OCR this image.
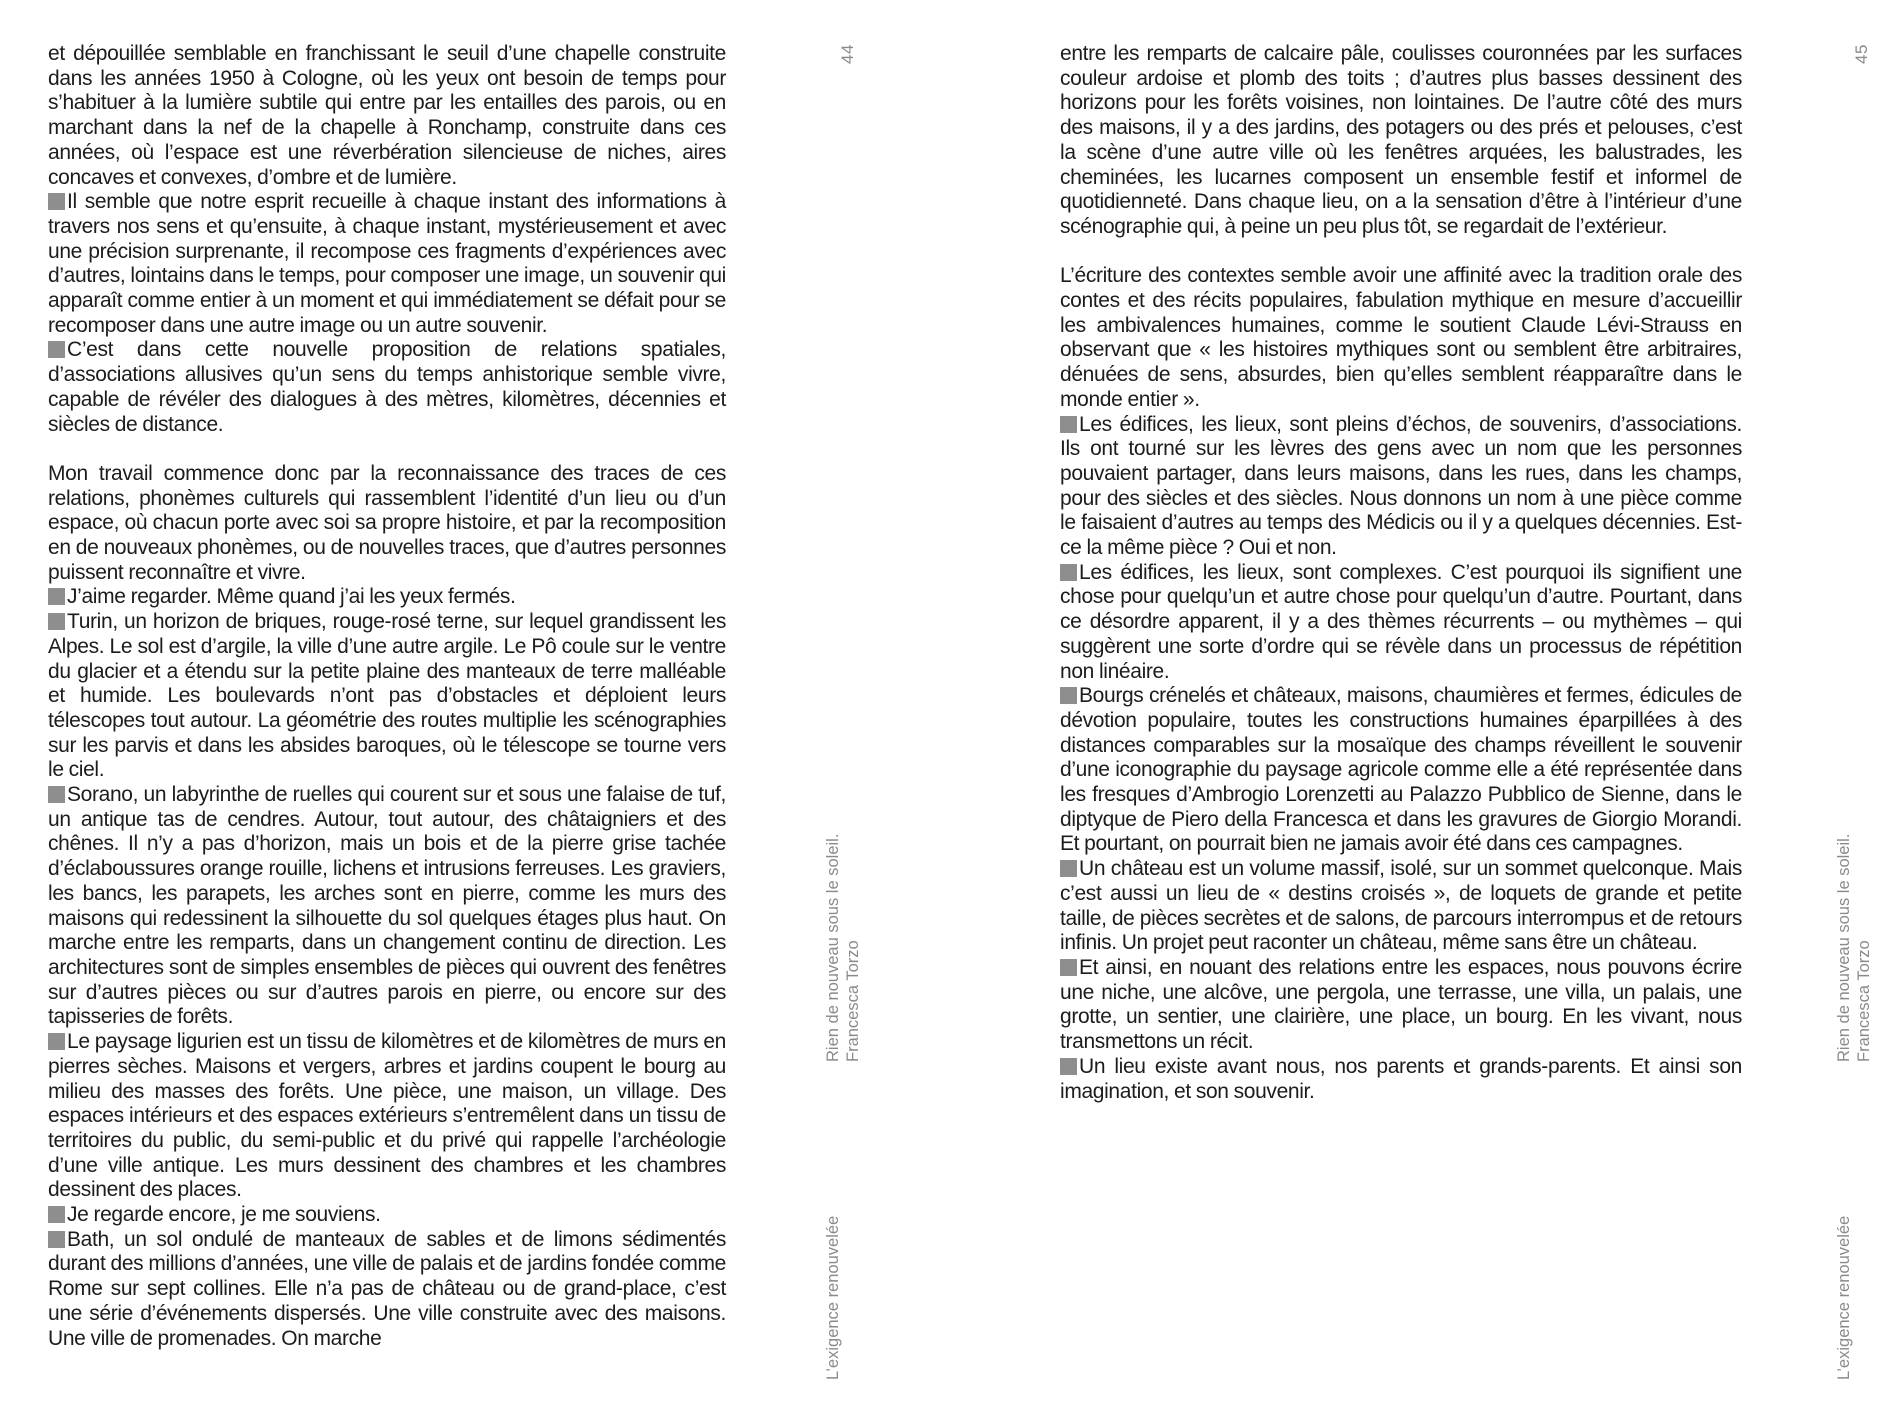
et dépouillée semblable en franchissant le seuil d’une chapelle construite dans les années 1950 à Cologne, où les yeux ont besoin de temps pour s’habituer à la lumière subtile qui entre par les entailles des parois, ou en marchant dans la nef de la chapelle à Ronchamp, construite dans ces années, où l’espace est une réverbération silencieuse de niches, aires concaves et convexes, d’ombre et de lumière.

Il semble que notre esprit recueille à chaque instant des informations à travers nos sens et qu’ensuite, à chaque instant, mystérieusement et avec une précision surprenante, il recompose ces fragments d’expériences avec d’autres, lointains dans le temps, pour composer une image, un souvenir qui apparaît comme entier à un moment et qui immédiatement se défait pour se recomposer dans une autre image ou un autre souvenir.

C’est dans cette nouvelle proposition de relations spatiales, d’associations allusives qu’un sens du temps anhistorique semble vivre, capable de révéler des dialogues à des mètres, kilomètres, décennies et siècles de distance.

Mon travail commence donc par la reconnaissance des traces de ces relations, phonèmes culturels qui rassemblent l’identité d’un lieu ou d’un espace, où chacun porte avec soi sa propre histoire, et par la recomposition en de nouveaux phonèmes, ou de nouvelles traces, que d’autres personnes puissent reconnaître et vivre.

J’aime regarder. Même quand j’ai les yeux fermés.

Turin, un horizon de briques, rouge-rosé terne, sur lequel grandissent les Alpes. Le sol est d’argile, la ville d’une autre argile. Le Pô coule sur le ventre du glacier et a étendu sur la petite plaine des manteaux de terre malléable et humide. Les boulevards n’ont pas d’obstacles et déploient leurs télescopes tout autour. La géométrie des routes multiplie les scénographies sur les parvis et dans les absides baroques, où le télescope se tourne vers le ciel.

Sorano, un labyrinthe de ruelles qui courent sur et sous une falaise de tuf, un antique tas de cendres. Autour, tout autour, des châtaigniers et des chênes. Il n’y a pas d’horizon, mais un bois et de la pierre grise tachée d’éclaboussures orange rouille, lichens et intrusions ferreuses. Les graviers, les bancs, les parapets, les arches sont en pierre, comme les murs des maisons qui redessinent la silhouette du sol quelques étages plus haut. On marche entre les remparts, dans un changement continu de direction. Les architectures sont de simples ensembles de pièces qui ouvrent des fenêtres sur d’autres pièces ou sur d’autres parois en pierre, ou encore sur des tapisseries de forêts.

Le paysage ligurien est un tissu de kilomètres et de kilomètres de murs en pierres sèches. Maisons et vergers, arbres et jardins coupent le bourg au milieu des masses des forêts. Une pièce, une maison, un village. Des espaces intérieurs et des espaces extérieurs s’entremêlent dans un tissu de territoires du public, du semi-public et du privé qui rappelle l’archéologie d’une ville antique. Les murs dessinent des chambres et les chambres dessinent des places.

Je regarde encore, je me souviens.

Bath, un sol ondulé de manteaux de sables et de limons sédimentés durant des millions d’années, une ville de palais et de jardins fondée comme Rome sur sept collines. Elle n’a pas de château ou de grand-place, c’est une série d’événements dispersés. Une ville construite avec des maisons. Une ville de promenades. On marche

44
Rien de nouveau sous le soleil. Francesca Torzo
L’exigence renouvelée

entre les remparts de calcaire pâle, coulisses couronnées par les surfaces couleur ardoise et plomb des toits ; d’autres plus basses dessinent des horizons pour les forêts voisines, non lointaines. De l’autre côté des murs des maisons, il y a des jardins, des potagers ou des prés et pelouses, c’est la scène d’une autre ville où les fenêtres arquées, les balustrades, les cheminées, les lucarnes composent un ensemble festif et informel de quotidienneté. Dans chaque lieu, on a la sensation d’être à l’intérieur d’une scénographie qui, à peine un peu plus tôt, se regardait de l’extérieur.

L’écriture des contextes semble avoir une affinité avec la tradition orale des contes et des récits populaires, fabulation mythique en mesure d’accueillir les ambivalences humaines, comme le soutient Claude Lévi-Strauss en observant que « les histoires mythiques sont ou semblent être arbitraires, dénuées de sens, absurdes, bien qu’elles semblent réapparaître dans le monde entier ».

Les édifices, les lieux, sont pleins d’échos, de souvenirs, d’associations. Ils ont tourné sur les lèvres des gens avec un nom que les personnes pouvaient partager, dans leurs maisons, dans les rues, dans les champs, pour des siècles et des siècles. Nous donnons un nom à une pièce comme le faisaient d’autres au temps des Médicis ou il y a quelques décennies. Est-ce la même pièce ? Oui et non.

Les édifices, les lieux, sont complexes. C’est pourquoi ils signifient une chose pour quelqu’un et autre chose pour quelqu’un d’autre. Pourtant, dans ce désordre apparent, il y a des thèmes récurrents – ou mythèmes – qui suggèrent une sorte d’ordre qui se révèle dans un processus de répétition non linéaire.

Bourgs crénelés et châteaux, maisons, chaumières et fermes, édicules de dévotion populaire, toutes les constructions humaines éparpillées à des distances comparables sur la mosaïque des champs réveillent le souvenir d’une iconographie du paysage agricole comme elle a été représentée dans les fresques d’Ambrogio Lorenzetti au Palazzo Pubblico de Sienne, dans le diptyque de Piero della Francesca et dans les gravures de Giorgio Morandi. Et pourtant, on pourrait bien ne jamais avoir été dans ces campagnes.

Un château est un volume massif, isolé, sur un sommet quelconque. Mais c’est aussi un lieu de « destins croisés », de loquets de grande et petite taille, de pièces secrètes et de salons, de parcours interrompus et de retours infinis. Un projet peut raconter un château, même sans être un château.

Et ainsi, en nouant des relations entre les espaces, nous pouvons écrire une niche, une alcôve, une pergola, une terrasse, une villa, un palais, une grotte, un sentier, une clairière, une place, un bourg. En les vivant, nous transmettons un récit.

Un lieu existe avant nous, nos parents et grands-parents. Et ainsi son imagination, et son souvenir.

45
Rien de nouveau sous le soleil. Francesca Torzo
L’exigence renouvelée
